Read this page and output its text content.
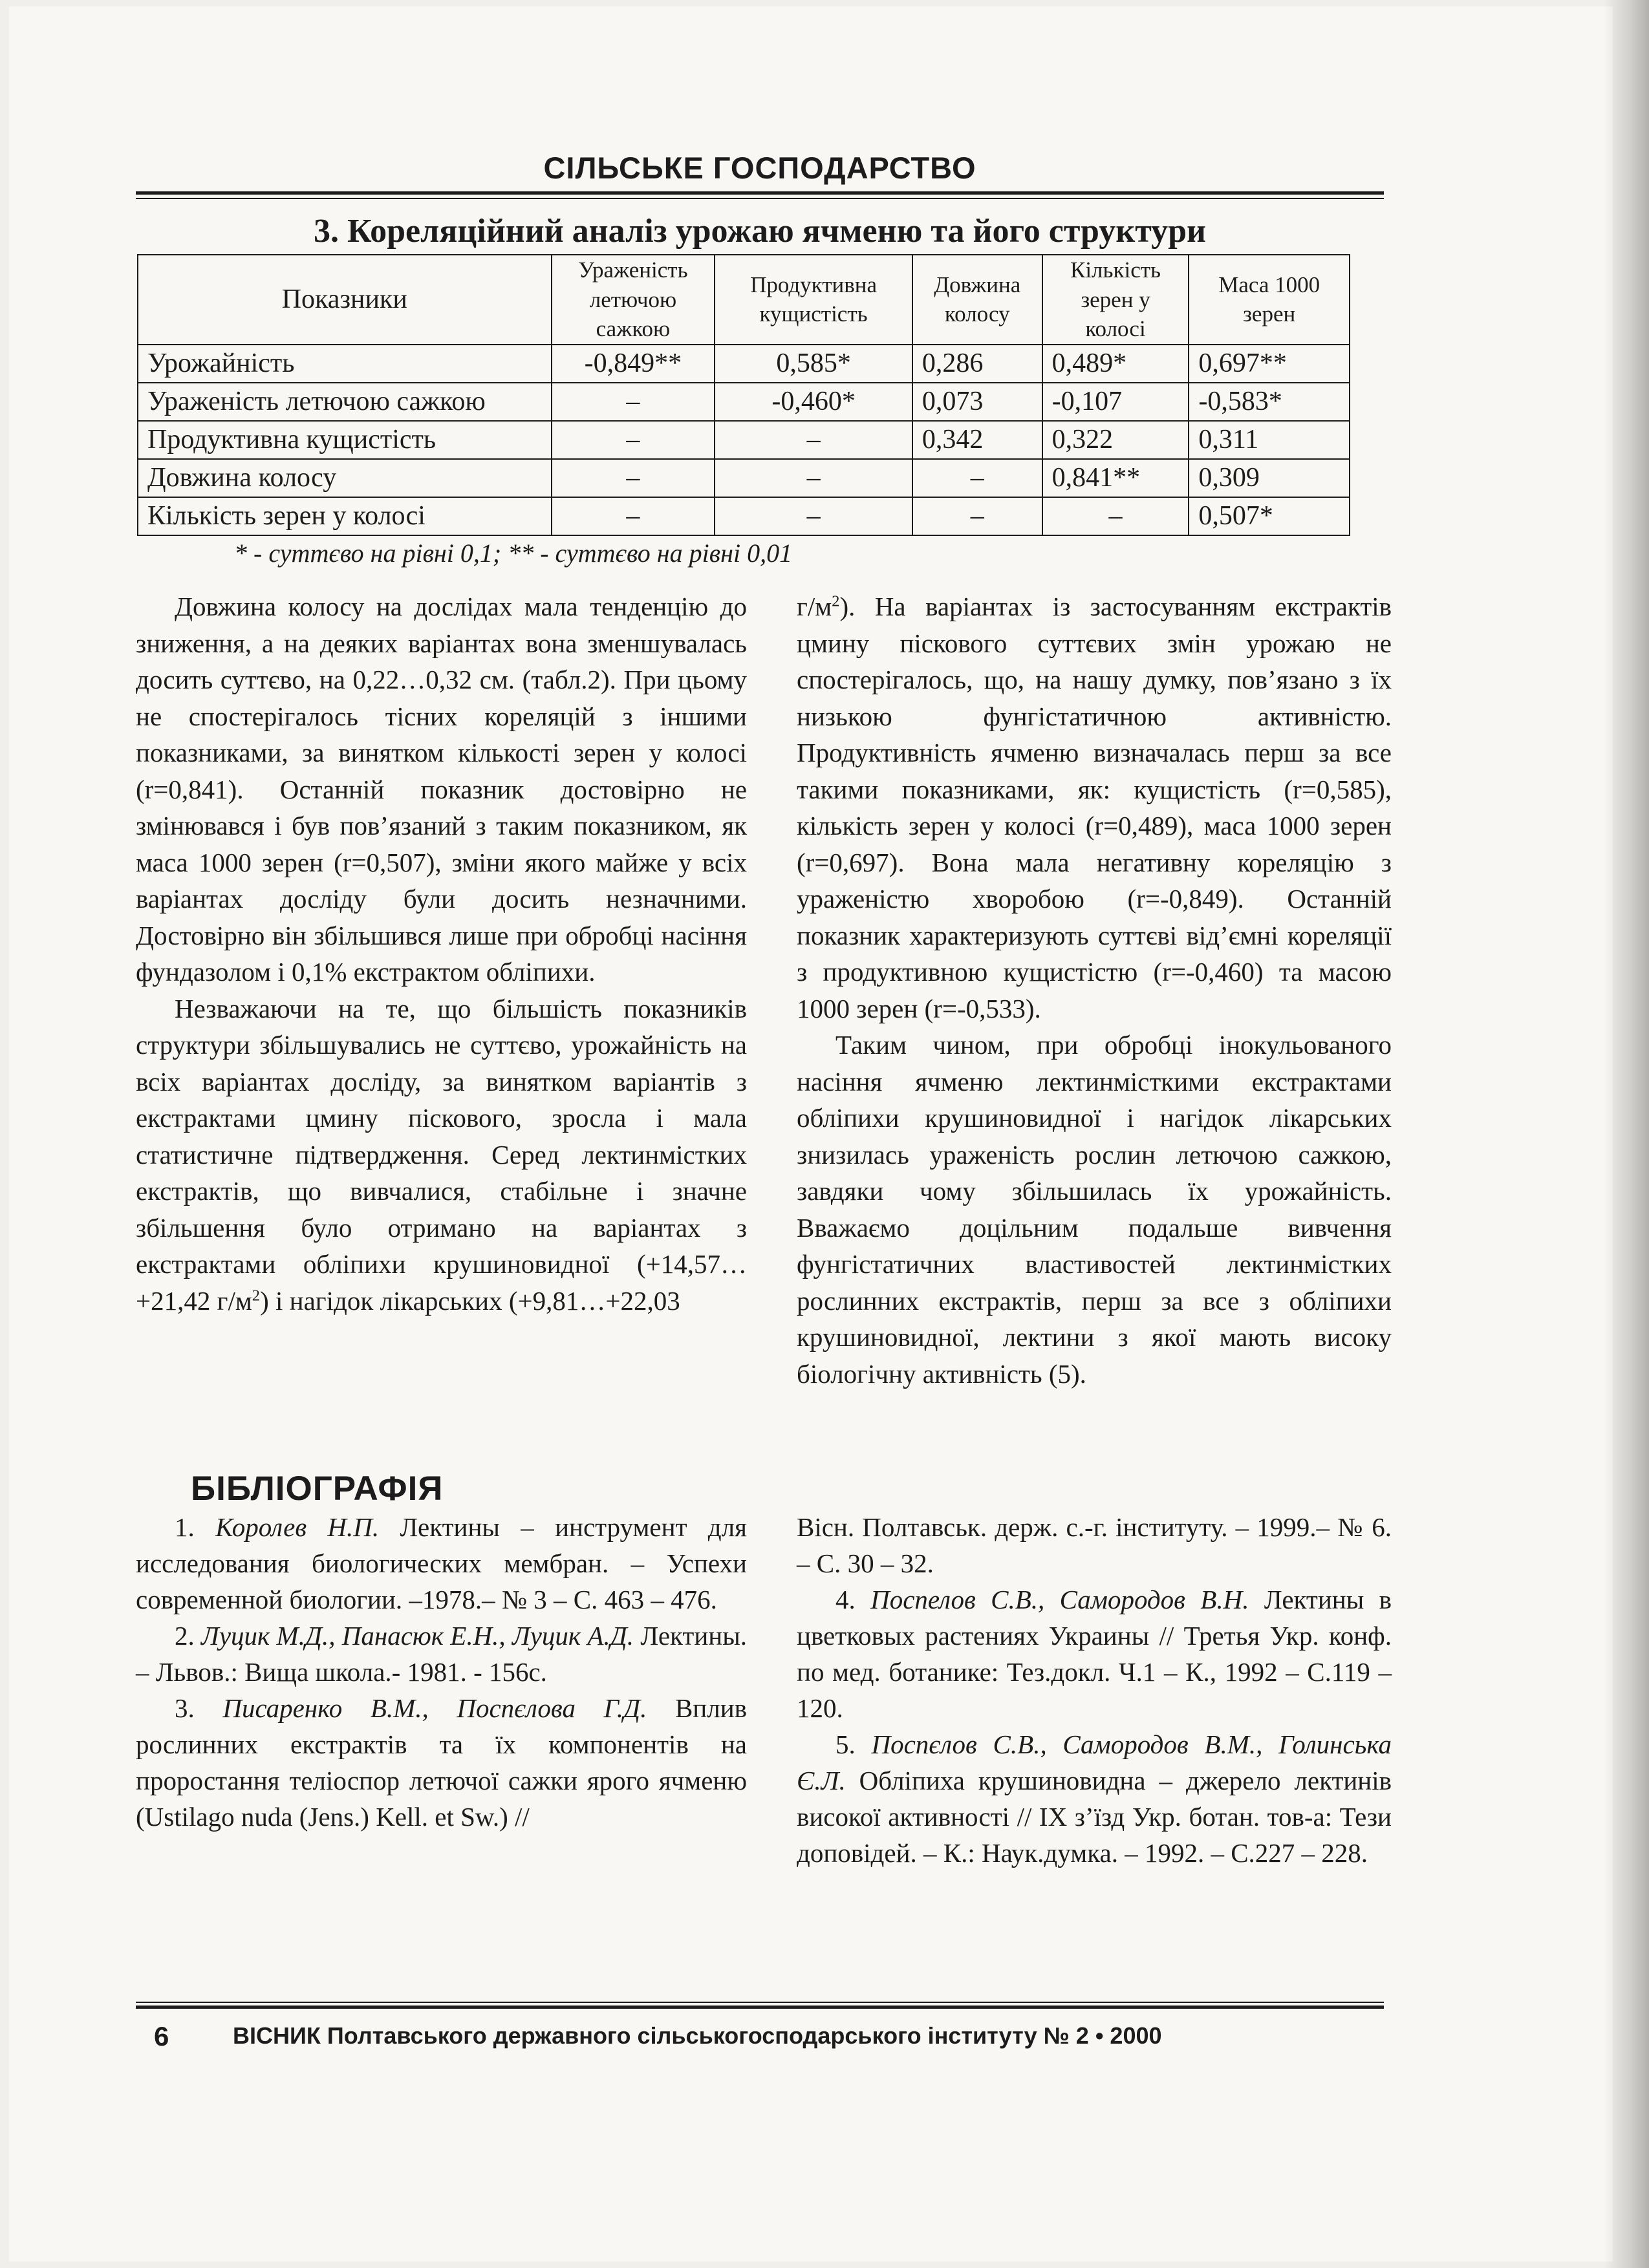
СІЛЬСЬКЕ ГОСПОДАРСТВО
3. Кореляційний аналіз урожаю ячменю та його структури
Показники	Ураженість летючою сажкою	Продуктивна кущистість	Довжина колосу	Кількість зерен у колосі	Маса 1000 зерен
Урожайність	-0,849**	0,585*	0,286	0,489*	0,697**
Ураженість летючою сажкою	–	-0,460*	0,073	-0,107	-0,583*
Продуктивна кущистість	–	–	0,342	0,322	0,311
Довжина колосу	–	–	–	0,841**	0,309
Кількість зерен у колосі	–	–	–	–	0,507*
* - суттєво на рівні 0,1; ** - суттєво на рівні 0,01

Довжина колосу на дослідах мала тенденцію до зниження, а на деяких варіантах вона зменшувалась досить суттєво, на 0,22…0,32 см. (табл.2). При цьому не спостерігалось тісних кореляцій з іншими показниками, за винятком кількості зерен у колосі (r=0,841). Останній показник достовірно не змінювався і був пов’язаний з таким показником, як маса 1000 зерен (r=0,507), зміни якого майже у всіх варіантах досліду були досить незначними. Достовірно він збільшився лише при обробці насіння фундазолом і 0,1% екстрактом обліпихи.

Незважаючи на те, що більшість показників структури збільшувались не суттєво, урожайність на всіх варіантах досліду, за винятком варіантів з екстрактами цмину піскового, зросла і мала статистичне підтвердження. Серед лектинмістких екстрактів, що вивчалися, стабільне і значне збільшення було отримано на варіантах з екстрактами обліпихи крушиновидної (+14,57…+21,42 $г/м^2$) і нагідок лікарських (+9,81…+22,03

$г/м^2$). На варіантах із застосуванням екстрактів цмину піскового суттєвих змін урожаю не спостерігалось, що, на нашу думку, пов’язано з їх низькою фунгістатичною активністю. Продуктивність ячменю визначалась перш за все такими показниками, як: кущистість (r=0,585), кількість зерен у колосі (r=0,489), маса 1000 зерен (r=0,697). Вона мала негативну кореляцію з ураженістю хворобою (r=-0,849). Останній показник характеризують суттєві від’ємні кореляції з продуктивною кущистістю (r=-0,460) та масою 1000 зерен (r=-0,533).

Таким чином, при обробці інокульованого насіння ячменю лектинмісткими екстрактами обліпихи крушиновидної і нагідок лікарських знизилась ураженість рослин летючою сажкою, завдяки чому збільшилась їх урожайність. Вважаємо доцільним подальше вивчення фунгістатичних властивостей лектинмістких рослинних екстрактів, перш за все з обліпихи крушиновидної, лектини з якої мають високу біологічну активність (5).

БІБЛІОГРАФІЯ

1. Королев Н.П. Лектины – инструмент для исследования биологических мембран. – Успехи современной биологии. –1978.– № 3 – С. 463 – 476.

2. Луцик М.Д., Панасюк Е.Н., Луцик А.Д. Лектины. – Львов.: Вища школа.- 1981. - 156с.

3. Писаренко В.М., Поспєлова Г.Д. Вплив рослинних екстрактів та їх компонентів на проростання теліоспор летючої сажки ярого ячменю (Ustilago nuda (Jens.) Kell. et Sw.) //

Вісн. Полтавськ. держ. с.-г. інституту. – 1999.– № 6. – С. 30 – 32.

4. Поспелов С.В., Самородов В.Н. Лектины в цветковых растениях Украины // Третья Укр. конф. по мед. ботанике: Тез.докл. Ч.1 – К., 1992 – С.119 – 120.

5. Поспєлов С.В., Самородов В.М., Голинська Є.Л. Обліпиха крушиновидна – джерело лектинів високої активності // IX з’їзд Укр. ботан. тов-а: Тези доповідей. – К.: Наук.думка. – 1992. – С.227 – 228.

6	ВІСНИК Полтавського державного сільськогосподарського інституту № 2 • 2000
